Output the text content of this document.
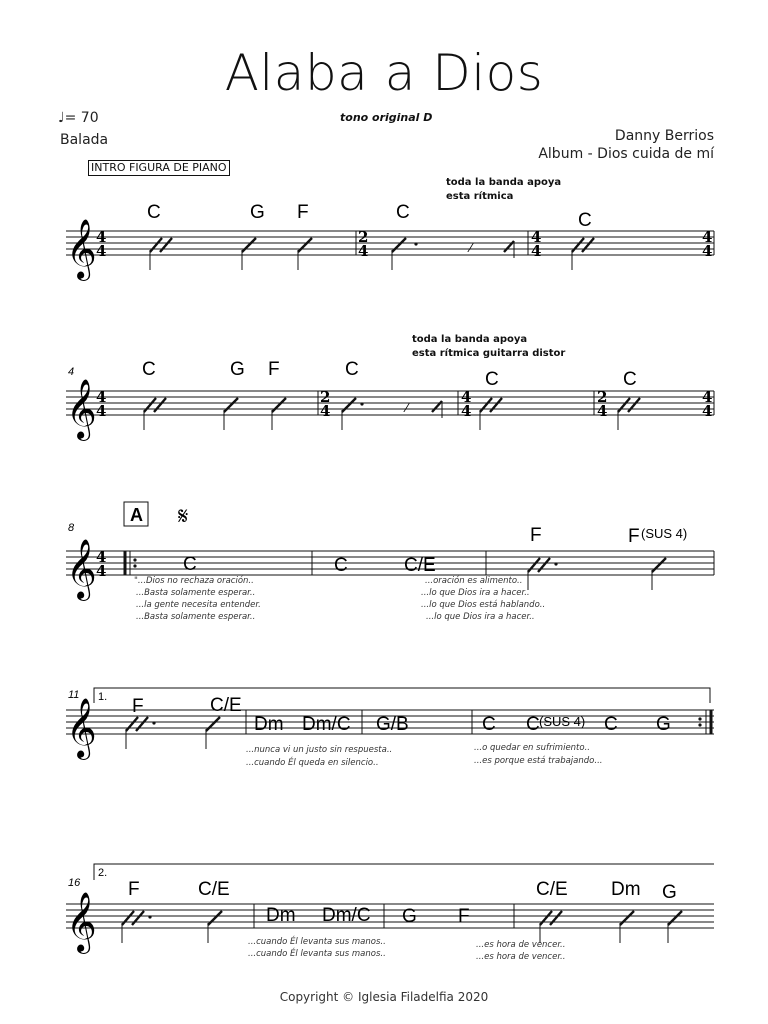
Alaba a Dios
♩= 70
Balada
tono original D
Danny Berrios
Album - Dios cuida de mí
INTRO FIGURA DE PIANO
toda la banda apoya
esta rítmica
toda la banda apoya
esta rítmica guitarra distor
⁄
𝄞 4
4
2
4
4
4
4
4
C	G F	C	C
⁄
4
𝄞 4
4
2
4
4
4
2
4
4
4
C	G F	C	C	C
A 𝄋
8
𝄞 4
4	C	C	C/E
F	F (SUS 4)
"...Dios no rechaza oración..
...Basta solamente esperar..
...la gente necesita entender.
...Basta solamente esperar..
...oración es alimento..
...lo que Dios ira a hacer..
...lo que Dios está hablando..
...lo que Dios ira a hacer..
11 1.
𝄞 F	C/E
Dm Dm/C G/B	C C (SUS 4) C G
...nunca vi un justo sin respuesta..
...cuando Él queda en silencio..
...o quedar en sufrimiento..
...es porque está trabajando...
16
2.
𝄞
F	C/E	C/E Dm G
Dm Dm/C G F
...cuando Él levanta sus manos..
...cuando Él levanta sus manos..
...es hora de vencer..
...es hora de vencer..
Copyright © Iglesia Filadelfia 2020
